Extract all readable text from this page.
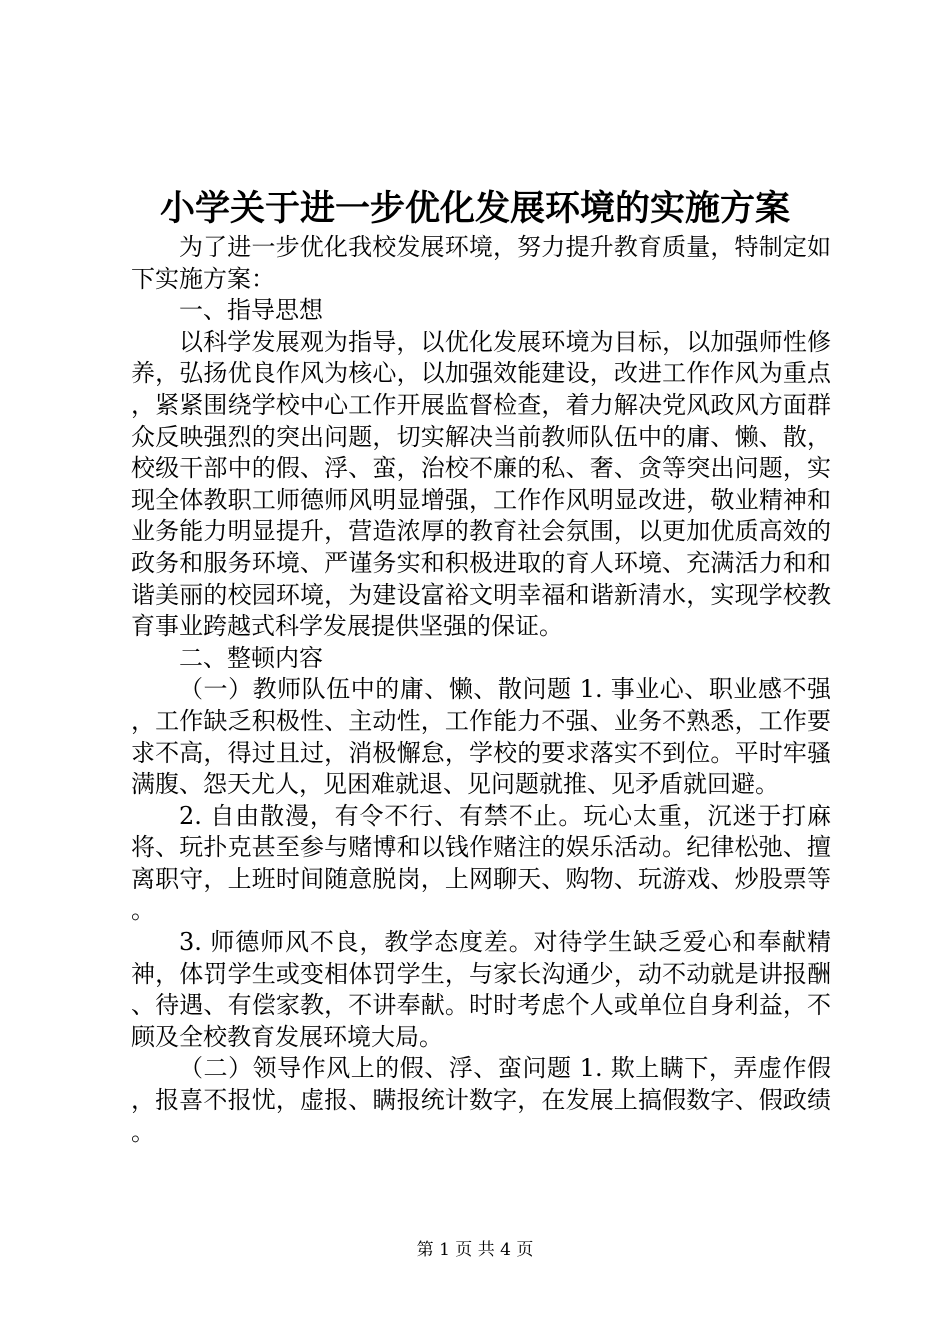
小学关于进一步优化发展环境的实施方案

为了进一步优化我校发展环境，努力提升教育质量，特制定如下实施方案：

一、指导思想

以科学发展观为指导，以优化发展环境为目标，以加强师性修养，弘扬优良作风为核心，以加强效能建设，改进工作作风为重点，紧紧围绕学校中心工作开展监督检查，着力解决党风政风方面群众反映强烈的突出问题，切实解决当前教师队伍中的庸、懒、散，校级干部中的假、浮、蛮，治校不廉的私、奢、贪等突出问题，实现全体教职工师德师风明显增强，工作作风明显改进，敬业精神和业务能力明显提升，营造浓厚的教育社会氛围，以更加优质高效的政务和服务环境、严谨务实和积极进取的育人环境、充满活力和和谐美丽的校园环境，为建设富裕文明幸福和谐新清水，实现学校教育事业跨越式科学发展提供坚强的保证。

二、整顿内容

（一）教师队伍中的庸、懒、散问题 1. 事业心、职业感不强，工作缺乏积极性、主动性，工作能力不强、业务不熟悉，工作要求不高，得过且过，消极懈怠，学校的要求落实不到位。平时牢骚满腹、怨天尤人，见困难就退、见问题就推、见矛盾就回避。

2. 自由散漫，有令不行、有禁不止。玩心太重，沉迷于打麻将、玩扑克甚至参与赌博和以钱作赌注的娱乐活动。纪律松弛、擅离职守，上班时间随意脱岗，上网聊天、购物、玩游戏、炒股票等。

3. 师德师风不良，教学态度差。对待学生缺乏爱心和奉献精神，体罚学生或变相体罚学生，与家长沟通少，动不动就是讲报酬、待遇、有偿家教，不讲奉献。时时考虑个人或单位自身利益，不顾及全校教育发展环境大局。

（二）领导作风上的假、浮、蛮问题 1. 欺上瞒下，弄虚作假，报喜不报忧，虚报、瞒报统计数字，在发展上搞假数字、假政绩。

第 1 页 共 4 页
